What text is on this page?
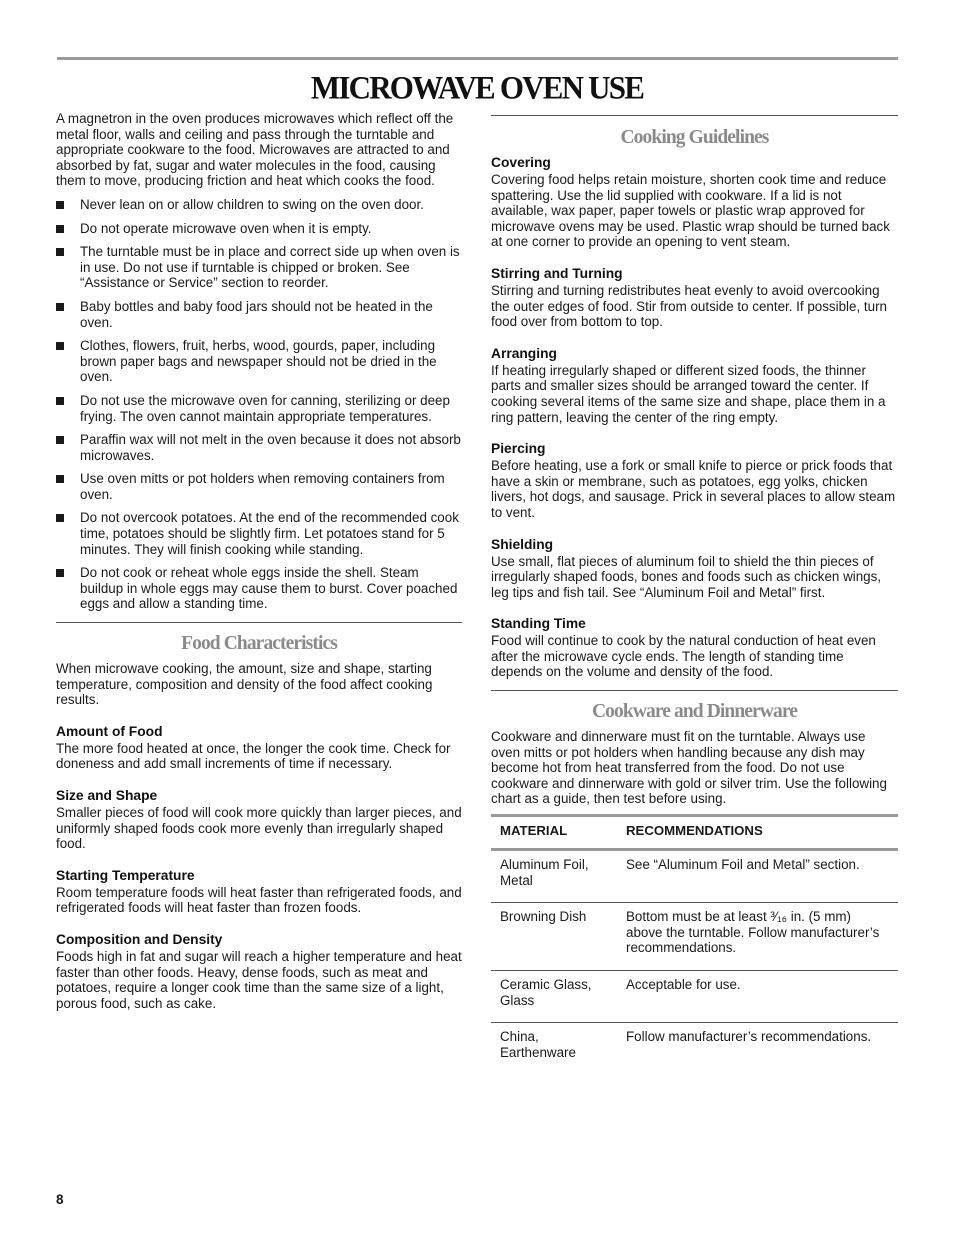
MICROWAVE OVEN USE

A magnetron in the oven produces microwaves which reflect off the metal floor, walls and ceiling and pass through the turntable and appropriate cookware to the food. Microwaves are attracted to and absorbed by fat, sugar and water molecules in the food, causing them to move, producing friction and heat which cooks the food.

Never lean on or allow children to swing on the oven door.
Do not operate microwave oven when it is empty.
The turntable must be in place and correct side up when oven is in use. Do not use if turntable is chipped or broken. See “Assistance or Service” section to reorder.
Baby bottles and baby food jars should not be heated in the oven.
Clothes, flowers, fruit, herbs, wood, gourds, paper, including brown paper bags and newspaper should not be dried in the oven.
Do not use the microwave oven for canning, sterilizing or deep frying. The oven cannot maintain appropriate temperatures.
Paraffin wax will not melt in the oven because it does not absorb microwaves.
Use oven mitts or pot holders when removing containers from oven.
Do not overcook potatoes. At the end of the recommended cook time, potatoes should be slightly firm. Let potatoes stand for 5 minutes. They will finish cooking while standing.
Do not cook or reheat whole eggs inside the shell. Steam buildup in whole eggs may cause them to burst. Cover poached eggs and allow a standing time.
Food Characteristics

When microwave cooking, the amount, size and shape, starting temperature, composition and density of the food affect cooking results.

Amount of Food

The more food heated at once, the longer the cook time. Check for doneness and add small increments of time if necessary.

Size and Shape

Smaller pieces of food will cook more quickly than larger pieces, and uniformly shaped foods cook more evenly than irregularly shaped food.

Starting Temperature

Room temperature foods will heat faster than refrigerated foods, and refrigerated foods will heat faster than frozen foods.

Composition and Density

Foods high in fat and sugar will reach a higher temperature and heat faster than other foods. Heavy, dense foods, such as meat and potatoes, require a longer cook time than the same size of a light, porous food, such as cake.

Cooking Guidelines
Covering

Covering food helps retain moisture, shorten cook time and reduce spattering. Use the lid supplied with cookware. If a lid is not available, wax paper, paper towels or plastic wrap approved for microwave ovens may be used. Plastic wrap should be turned back at one corner to provide an opening to vent steam.

Stirring and Turning

Stirring and turning redistributes heat evenly to avoid overcooking the outer edges of food. Stir from outside to center. If possible, turn food over from bottom to top.

Arranging

If heating irregularly shaped or different sized foods, the thinner parts and smaller sizes should be arranged toward the center. If cooking several items of the same size and shape, place them in a ring pattern, leaving the center of the ring empty.

Piercing

Before heating, use a fork or small knife to pierce or prick foods that have a skin or membrane, such as potatoes, egg yolks, chicken livers, hot dogs, and sausage. Prick in several places to allow steam to vent.

Shielding

Use small, flat pieces of aluminum foil to shield the thin pieces of irregularly shaped foods, bones and foods such as chicken wings, leg tips and fish tail. See “Aluminum Foil and Metal” first.

Standing Time

Food will continue to cook by the natural conduction of heat even after the microwave cycle ends. The length of standing time depends on the volume and density of the food.

Cookware and Dinnerware

Cookware and dinnerware must fit on the turntable. Always use oven mitts or pot holders when handling because any dish may become hot from heat transferred from the food. Do not use cookware and dinnerware with gold or silver trim. Use the following chart as a guide, then test before using.

MATERIAL	RECOMMENDATIONS
Aluminum Foil, Metal	See “Aluminum Foil and Metal” section.
Browning Dish	Bottom must be at least ³⁄₁₆ in. (5 mm) above the turntable. Follow manufacturer’s recommendations.
Ceramic Glass, Glass	Acceptable for use.
China, Earthenware	Follow manufacturer’s recommendations.
8
